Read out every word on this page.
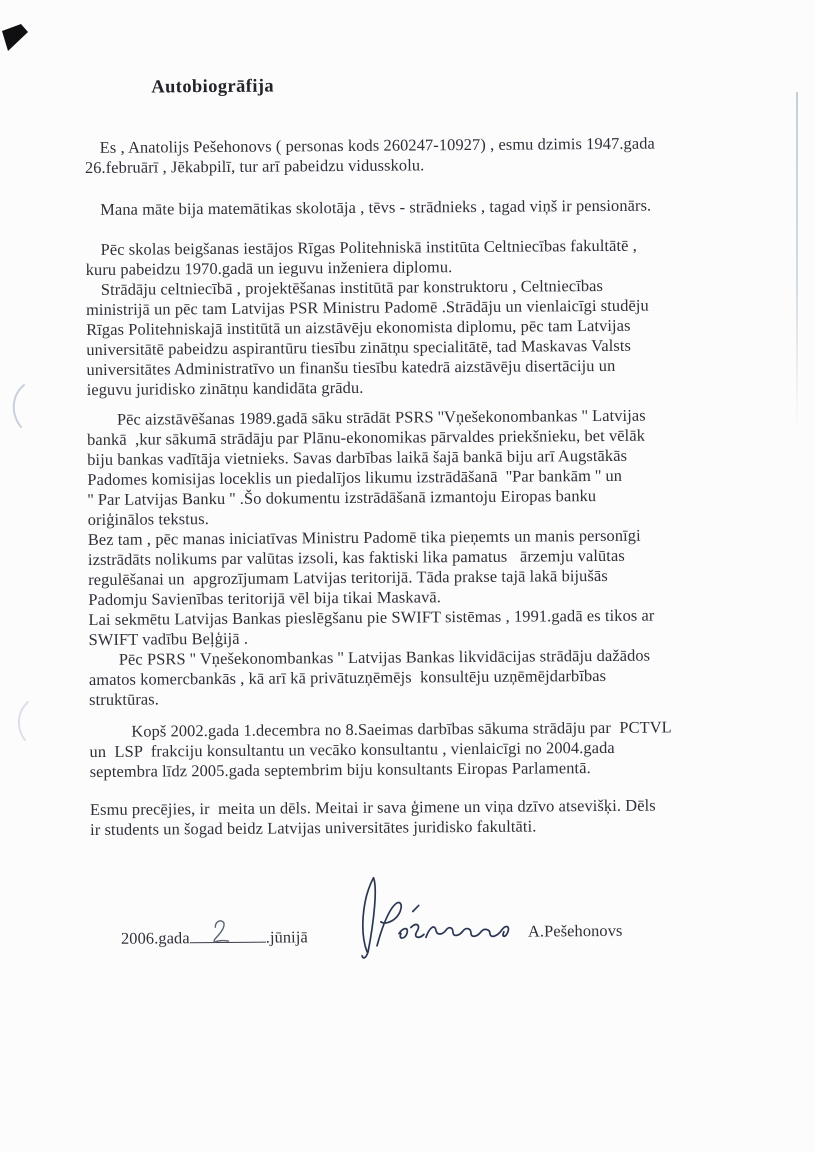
Autobiogrāfija
Es , Anatolijs Pešehonovs ( personas kods 260247-10927) , esmu dzimis 1947.gada
26.februārī , Jēkabpilī, tur arī pabeidzu vidusskolu.
Mana māte bija matemātikas skolotāja , tēvs - strādnieks , tagad viņš ir pensionārs.
Pēc skolas beigšanas iestājos Rīgas Politehniskā institūta Celtniecības fakultātē ,
kuru pabeidzu 1970.gadā un ieguvu inženiera diplomu.
Strādāju celtniecībā , projektēšanas institūtā par konstruktoru , Celtniecības
ministrijā un pēc tam Latvijas PSR Ministru Padomē .Strādāju un vienlaicīgi studēju
Rīgas Politehniskajā institūtā un aizstāvēju ekonomista diplomu, pēc tam Latvijas
universitātē pabeidzu aspirantūru tiesību zinātņu specialitātē, tad Maskavas Valsts
universitātes Administratīvo un finanšu tiesību katedrā aizstāvēju disertāciju un
ieguvu juridisko zinātņu kandidāta grādu.
Pēc aizstāvēšanas 1989.gadā sāku strādāt PSRS ''Vņešekonombankas '' Latvijas
bankā  ,kur sākumā strādāju par Plānu-ekonomikas pārvaldes priekšnieku, bet vēlāk
biju bankas vadītāja vietnieks. Savas darbības laikā šajā bankā biju arī Augstākās
Padomes komisijas loceklis un piedalījos likumu izstrādāšanā  ''Par bankām '' un
'' Par Latvijas Banku '' .Šo dokumentu izstrādāšanā izmantoju Eiropas banku
oriģinālos tekstus.
Bez tam , pēc manas iniciatīvas Ministru Padomē tika pieņemts un manis personīgi
izstrādāts nolikums par valūtas izsoli, kas faktiski lika pamatus   ārzemju valūtas
regulēšanai un  apgrozījumam Latvijas teritorijā. Tāda prakse tajā lakā bijušās
Padomju Savienības teritorijā vēl bija tikai Maskavā.
Lai sekmētu Latvijas Bankas pieslēgšanu pie SWIFT sistēmas , 1991.gadā es tikos ar
SWIFT vadību Beļģijā .
Pēc PSRS '' Vņešekonombankas '' Latvijas Bankas likvidācijas strādāju dažādos
amatos komercbankās , kā arī kā privātuzņēmējs  konsultēju uzņēmējdarbības
struktūras.
Kopš 2002.gada 1.decembra no 8.Saeimas darbības sākuma strādāju par  PCTVL
un  LSP  frakciju konsultantu un vecāko konsultantu , vienlaicīgi no 2004.gada
septembra līdz 2005.gada septembrim biju konsultants Eiropas Parlamentā.
Esmu precējies, ir  meita un dēls. Meitai ir sava ģimene un viņa dzīvo atsevišķi. Dēls
ir students un šogad beidz Latvijas universitātes juridisko fakultāti.
2006.gada	.jūnijā	A.Pešehonovs
